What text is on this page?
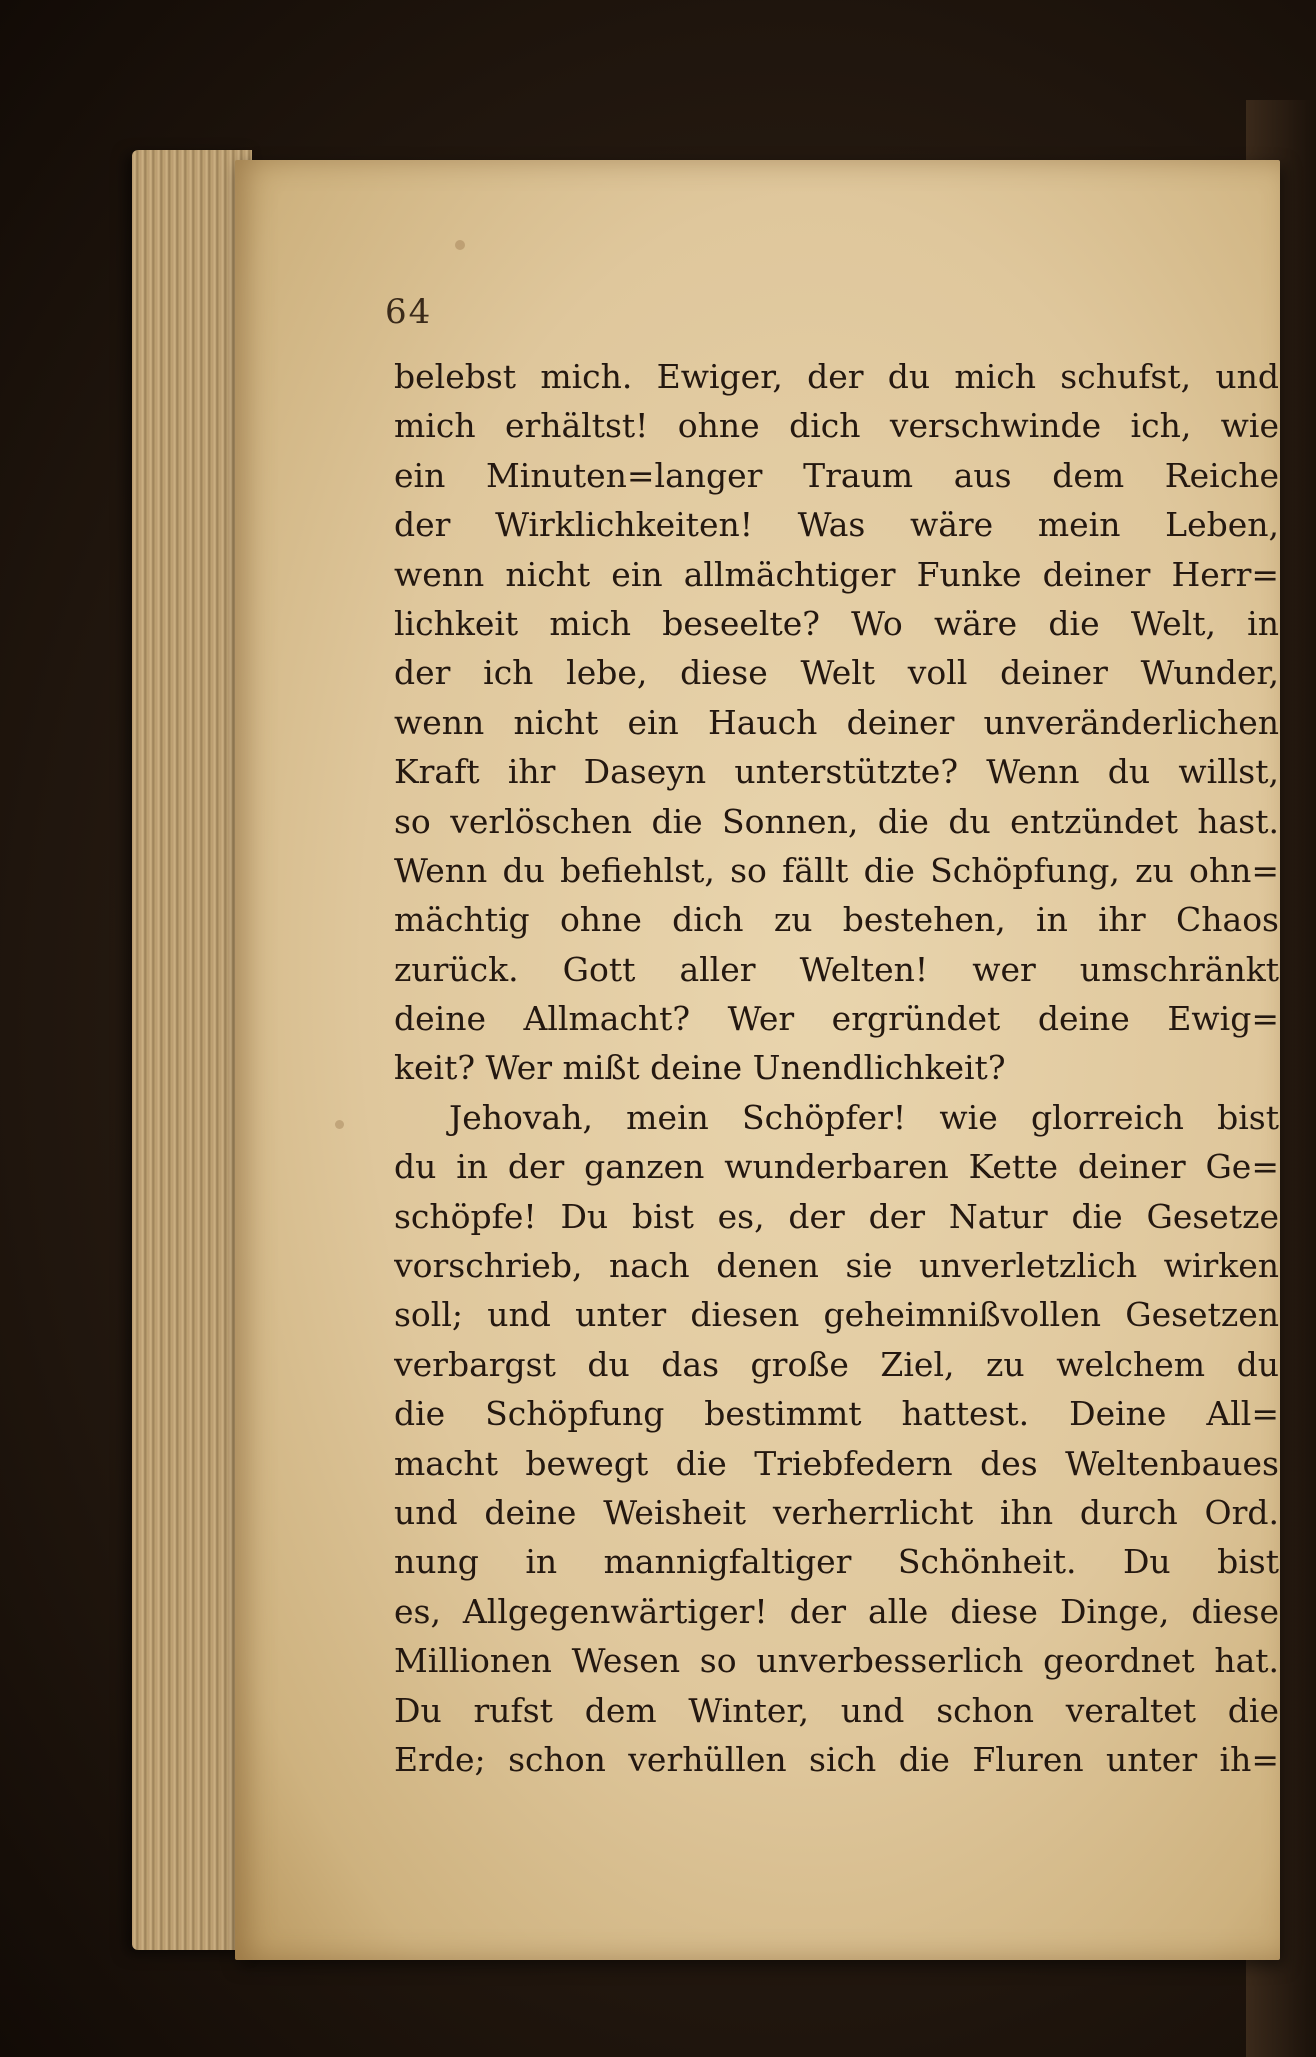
64
belebst mich. Ewiger, der du mich schufst, und
mich erhältst! ohne dich verschwinde ich, wie
ein Minuten=langer Traum aus dem Reiche
der Wirklichkeiten! Was wäre mein Leben,
wenn nicht ein allmächtiger Funke deiner Herr=
lichkeit mich beseelte? Wo wäre die Welt, in
der ich lebe, diese Welt voll deiner Wunder,
wenn nicht ein Hauch deiner unveränderlichen
Kraft ihr Daseyn unterstützte? Wenn du willst,
so verlöschen die Sonnen, die du entzündet hast.
Wenn du befiehlst, so fällt die Schöpfung, zu ohn=
mächtig ohne dich zu bestehen, in ihr Chaos
zurück. Gott aller Welten! wer umschränkt
deine Allmacht? Wer ergründet deine Ewig=
keit? Wer mißt deine Unendlichkeit?
Jehovah, mein Schöpfer! wie glorreich bist
du in der ganzen wunderbaren Kette deiner Ge=
schöpfe! Du bist es, der der Natur die Gesetze
vorschrieb, nach denen sie unverletzlich wirken
soll; und unter diesen geheimnißvollen Gesetzen
verbargst du das große Ziel, zu welchem du
die Schöpfung bestimmt hattest. Deine All=
macht bewegt die Triebfedern des Weltenbaues
und deine Weisheit verherrlicht ihn durch Ord.
nung in mannigfaltiger Schönheit. Du bist
es, Allgegenwärtiger! der alle diese Dinge, diese
Millionen Wesen so unverbesserlich geordnet hat.
Du rufst dem Winter, und schon veraltet die
Erde; schon verhüllen sich die Fluren unter ih=
